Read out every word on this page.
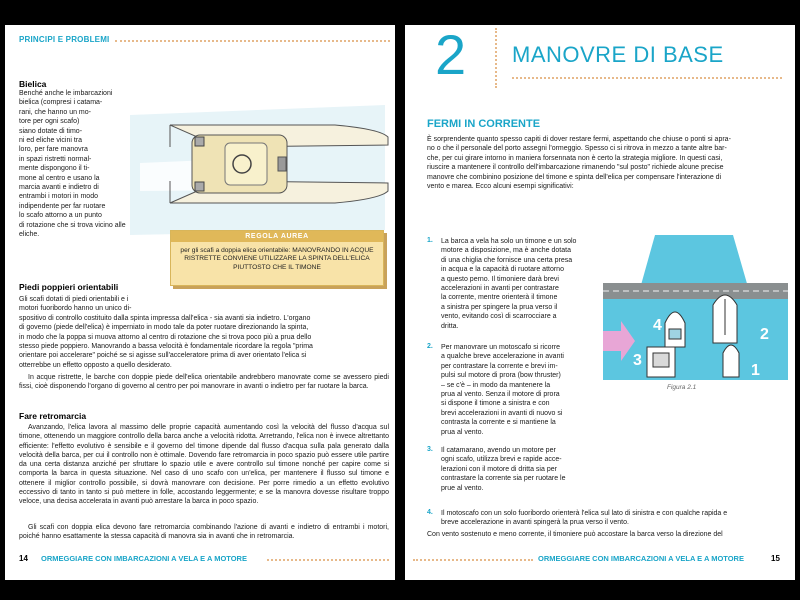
PRINCIPI E PROBLEMI
Bielica
Benché anche le imbarcazioni
bielica (compresi i catama-
rani, che hanno un mo-
tore per ogni scafo)
siano dotate di timo-
ni ed eliche vicini tra
loro, per fare manovra
in spazi ristretti normal-
mente dispongono il ti-
mone al centro e usano la
marcia avanti e indietro di
entrambi i motori in modo
indipendente per far ruotare
lo scafo attorno a un punto
di rotazione che si trova vicino alle
eliche.	REGOLA AUREA
per gli scafi a doppia elica orientabile: MANOVRANDO IN ACQUE RISTRETTE CONVIENE UTILIZZARE LA SPINTA DELL'ELICA PIUTTOSTO CHE IL TIMONE
Piedi poppieri orientabili
Gli scafi dotati di piedi orientabili e i
motori fuoribordo hanno un unico di-
spositivo di controllo costituito dalla spinta impressa dall'elica - sia avanti sia indietro. L'organo
di governo (piede dell'elica) è imperniato in modo tale da poter ruotare direzionando la spinta,
in modo che la poppa si muova attorno al centro di rotazione che si trova poco più a prua dello
stesso piede poppiero. Manovrando a bassa velocità è fondamentale ricordare la regola "prima
orientare poi accelerare" poiché se si agisse sull'acceleratore prima di aver orientato l'elica si
otterrebbe un effetto opposto a quello desiderato.

In acque ristrette, le barche con doppie piede dell'elica orientabile andrebbero manovrate come se avessero piedi fissi, cioè disponendo l'organo di governo al centro per poi manovrare in avanti o indietro per far ruotare la barca.

Fare retromarcia

Avanzando, l'elica lavora al massimo delle proprie capacità aumentando così la velocità del flusso d'acqua sul timone, ottenendo un maggiore controllo della barca anche a velocità ridotta. Arretrando, l'elica non è invece altrettanto efficiente: l'effetto evolutivo è sensibile e il governo del timone dipende dal flusso d'acqua sulla pala generato dalla velocità della barca, per cui il controllo non è ottimale. Dovendo fare retromarcia in poco spazio può essere utile partire da una certa distanza anziché per sfruttare lo spazio utile e avere controllo sul timone nonché per capire come si comporta la barca in questa situazione. Nel caso di uno scafo con un'elica, per mantenere il flusso sul timone e ottenere il miglior controllo possibile, si dovrà manovrare con decisione. Per porre rimedio a un effetto evolutivo eccessivo di tanto in tanto si può mettere in folle, accostando leggermente; e se la manovra dovesse risultare troppo veloce, una decisa accelerata in avanti può arrestare la barca in poco spazio.

Gli scafi con doppia elica devono fare retromarcia combinando l'azione di avanti e indietro di entrambi i motori, poiché hanno esattamente la stessa capacità di manovra sia in avanti che in retromarcia.

14 ORMEGGIARE CON IMBARCAZIONI A VELA E A MOTORE
2 MANOVRE DI BASE
FERMI IN CORRENTE
È sorprendente quanto spesso capiti di dover restare fermi, aspettando che chiuse o ponti si apra-
no o che il personale del porto assegni l'ormeggio. Spesso ci si ritrova in mezzo a tante altre bar-
che, per cui girare intorno in maniera forsennata non è certo la strategia migliore. In questi casi,
riuscire a mantenere il controllo dell'imbarcazione rimanendo "sul posto" richiede alcune precise
manovre che combinino posizione del timone e spinta dell'elica per compensare l'interazione di
vento e marea. Ecco alcuni esempi significativi:
4
2
3
1
Figura 2.1
1. La barca a vela ha solo un timone e un solo
motore a disposizione, ma è anche dotata
di una chiglia che fornisce una certa presa
in acqua e la capacità di ruotare attorno
a questo perno. Il timoniere darà brevi
accelerazioni in avanti per contrastare
la corrente, mentre orienterà il timone
a sinistra per spingere la prua verso il
vento, evitando così di scarrocciare a
dritta.
2. Per manovrare un motoscafo si ricorre
a qualche breve accelerazione in avanti
per contrastare la corrente e brevi im-
pulsi sul motore di prora (bow thruster)
– se c'è – in modo da mantenere la
prua al vento. Senza il motore di prora
si dispone il timone a sinistra e con
brevi accelerazioni in avanti di nuovo si
contrasta la corrente e si mantiene la
prua al vento.
3. Il catamarano, avendo un motore per
ogni scafo, utilizza brevi e rapide acce-
lerazioni con il motore di dritta sia per
contrastare la corrente sia per ruotare le
prue al vento.
4. Il motoscafo con un solo fuoribordo orienterà l'elica sul lato di sinistra e con qualche rapida e
breve accelerazione in avanti spingerà la prua verso il vento.

Con vento sostenuto e meno corrente, il timoniere può accostare la barca verso la direzione del

ORMEGGIARE CON IMBARCAZIONI A VELA E A MOTORE	15
